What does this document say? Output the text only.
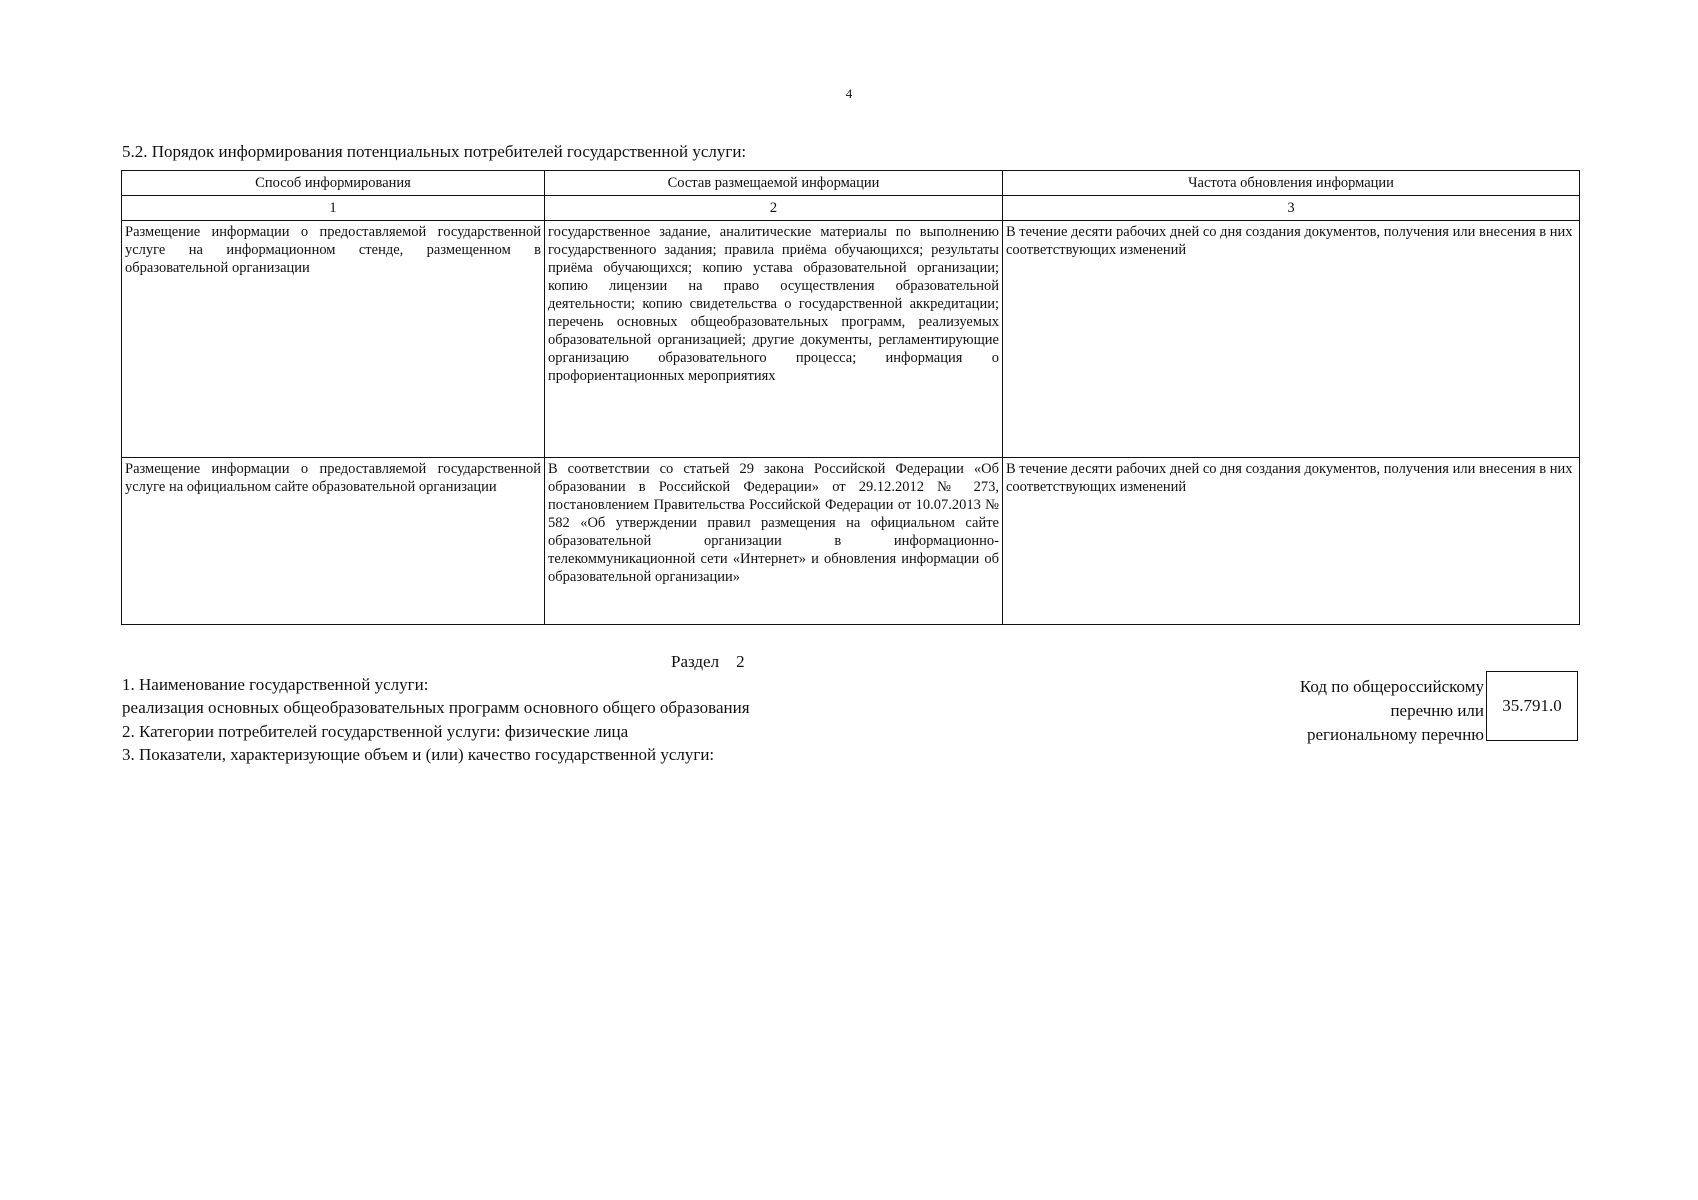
4
5.2. Порядок информирования потенциальных потребителей государственной услуги:
Способ информирования	Состав размещаемой информации	Частота обновления информации
1	2	3
Размещение информации о предоставляемой государственной услуге на информационном стенде, размещенном в образовательной организации	государственное задание, аналитические материалы по выполнению государственного задания; правила приёма обучающихся; результаты приёма обучающихся; копию устава образовательной организации; копию лицензии на право осуществления образовательной деятельности; копию свидетельства о государственной аккредитации; перечень основных общеобразовательных программ, реализуемых образовательной организацией; другие документы, регламентирующие организацию образовательного процесса; информация о профориентационных мероприятиях	В течение десяти рабочих дней со дня создания документов, получения или внесения в них соответствующих изменений
Размещение информации о предоставляемой государственной услуге на официальном сайте образовательной организации	В соответствии со статьей 29 закона Российской Федерации «Об образовании в Российской Федерации» от 29.12.2012 № 273, постановлением Правительства Российской Федерации от 10.07.2013 № 582 «Об утверждении правил размещения на официальном сайте образовательной организации в информационно-телекоммуникационной сети «Интернет» и обновления информации об образовательной организации»	В течение десяти рабочих дней со дня создания документов, получения или внесения в них соответствующих изменений
Раздел    2
1. Наименование государственной услуги:
реализация основных общеобразовательных программ основного общего образования
2. Категории потребителей государственной услуги: физические лица
3. Показатели, характеризующие объем и (или) качество государственной услуги:
Код по общероссийскому
перечню или
региональному перечню
35.791.0
